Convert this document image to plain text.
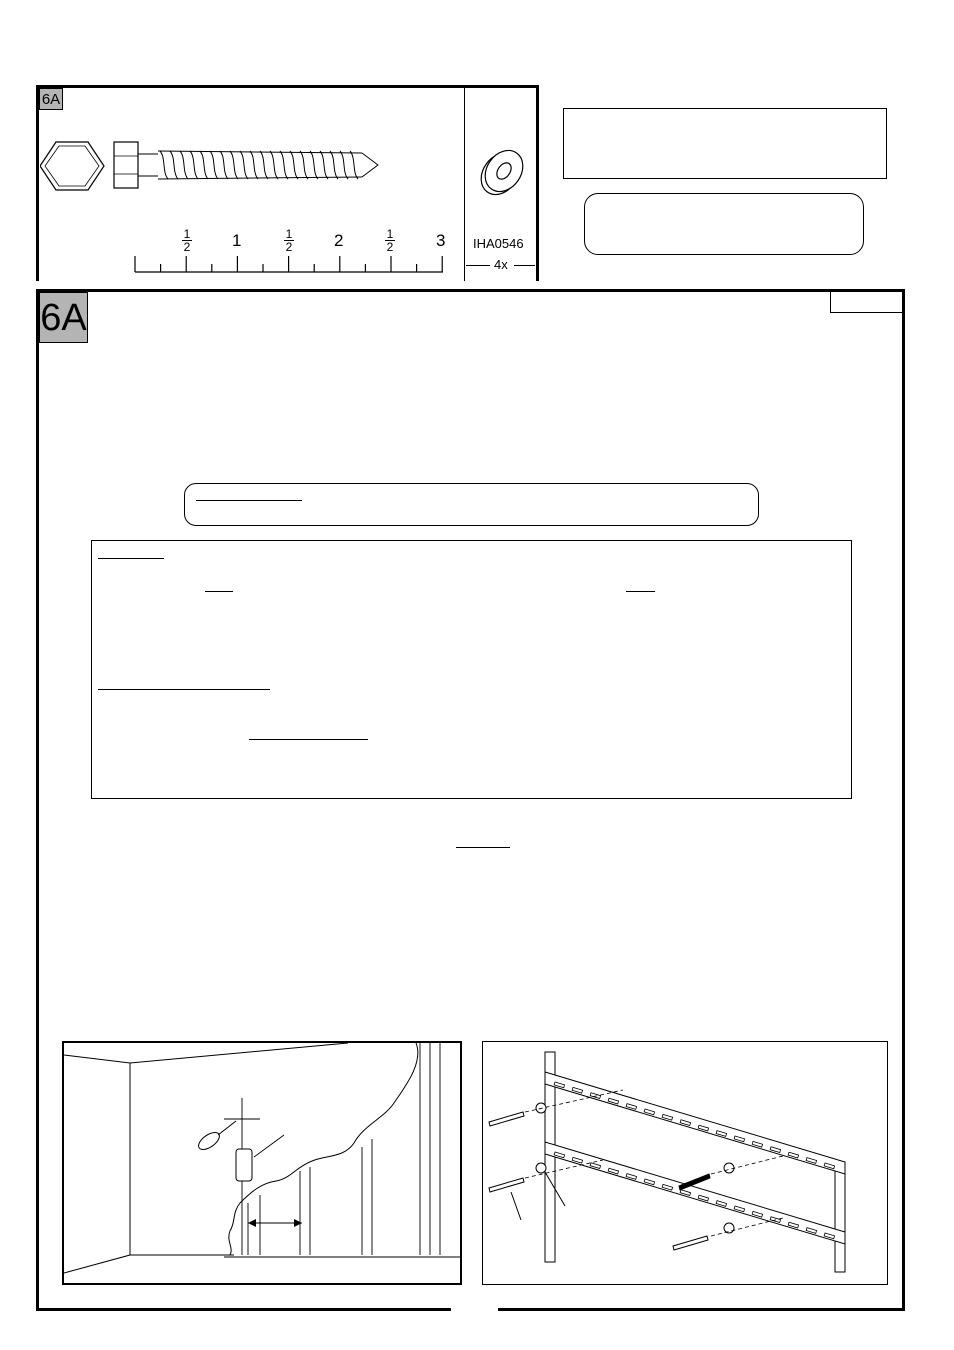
6A
1
2 1	1
2 2	1
2	3 IHA0546
4x
6A
